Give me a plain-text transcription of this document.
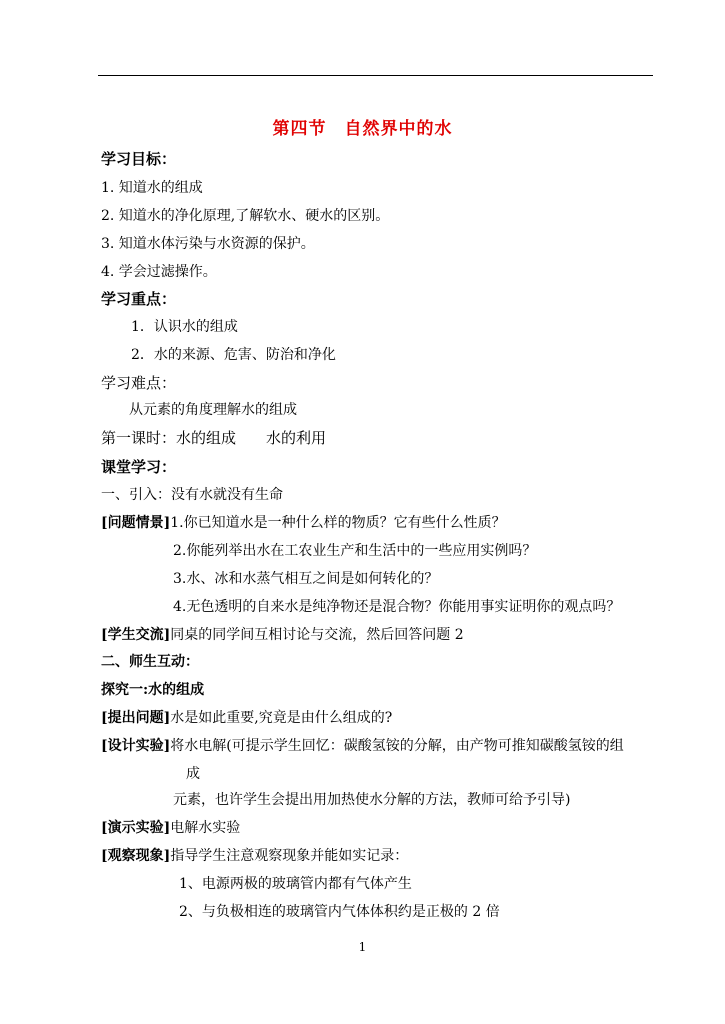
第四节　自然界中的水
学习目标：
1. 知道水的组成
2. 知道水的净化原理,了解软水、硬水的区别。
3. 知道水体污染与水资源的保护。
4. 学会过滤操作。
学习重点：
1．认识水的组成
2．水的来源、危害、防治和净化
学习难点：
从元素的角度理解水的组成
第一课时：水的组成　　水的利用
课堂学习：
一、引入：没有水就没有生命
[问题情景]1.你已知道水是一种什么样的物质？它有些什么性质？
2.你能列举出水在工农业生产和生活中的一些应用实例吗？
3.水、冰和水蒸气相互之间是如何转化的？
4.无色透明的自来水是纯净物还是混合物？你能用事实证明你的观点吗？
[学生交流]同桌的同学间互相讨论与交流，然后回答问题 2
二、师生互动：
探究一:水的组成
[提出问题]水是如此重要,究竟是由什么组成的?
[设计实验]将水电解(可提示学生回忆：碳酸氢铵的分解，由产物可推知碳酸氢铵的组
成
元素，也许学生会提出用加热使水分解的方法，教师可给予引导)
[演示实验]电解水实验
[观察现象]指导学生注意观察现象并能如实记录：
1、电源两极的玻璃管内都有气体产生
2、与负极相连的玻璃管内气体体积约是正极的 2 倍
1
